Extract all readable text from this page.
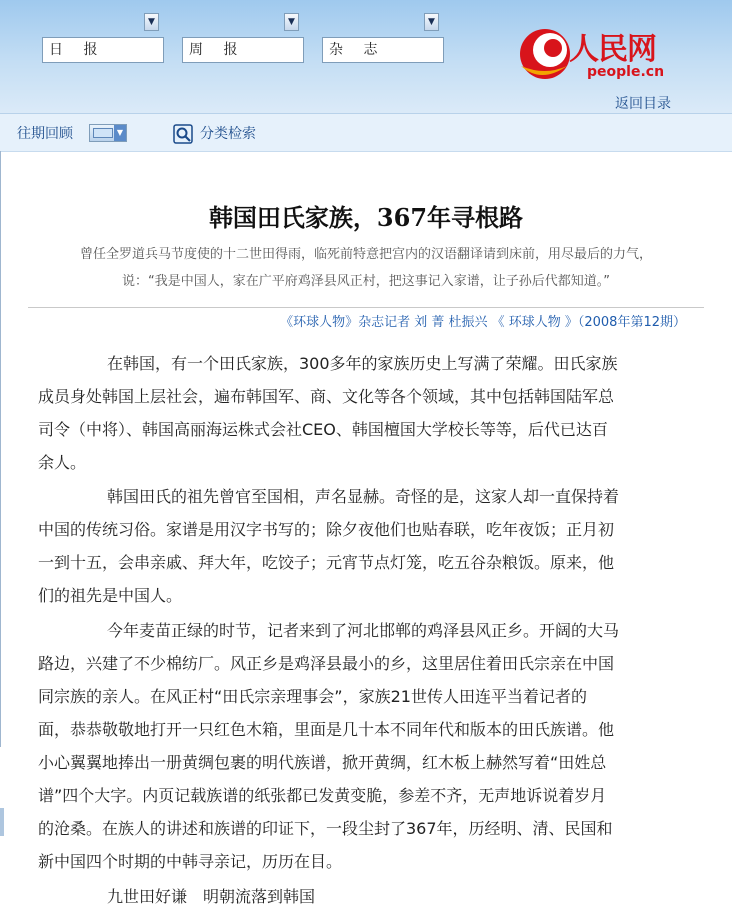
▼
日 报
▼
周 报
▼
杂 志	人民网
people.cn
返回目录
往期回顾	▼	分类检索
韩国田氏家族，367年寻根路
曾任全罗道兵马节度使的十二世田得雨，临死前特意把宫内的汉语翻译请到床前，用尽最后的力气，
说：“我是中国人，家在广平府鸡泽县风正村，把这事记入家谱，让子孙后代都知道。”
《环球人物》杂志记者 刘 菁 杜振兴 《 环球人物 》（2008年第12期）
在韩国，有一个田氏家族，300多年的家族历史上写满了荣耀。田氏家族
成员身处韩国上层社会，遍布韩国军、商、文化等各个领域，其中包括韩国陆军总
司令（中将）、韩国高丽海运株式会社CEO、韩国檀国大学校长等等，后代已达百
余人。
韩国田氏的祖先曾官至国相，声名显赫。奇怪的是，这家人却一直保持着
中国的传统习俗。家谱是用汉字书写的；除夕夜他们也贴春联，吃年夜饭；正月初
一到十五，会串亲戚、拜大年，吃饺子；元宵节点灯笼，吃五谷杂粮饭。原来，他
们的祖先是中国人。
今年麦苗正绿的时节，记者来到了河北邯郸的鸡泽县风正乡。开阔的大马
路边，兴建了不少棉纺厂。风正乡是鸡泽县最小的乡，这里居住着田氏宗亲在中国
同宗族的亲人。在风正村“田氏宗亲理事会”，家族21世传人田连平当着记者的
面，恭恭敬敬地打开一只红色木箱，里面是几十本不同年代和版本的田氏族谱。他
小心翼翼地捧出一册黄绸包裹的明代族谱，掀开黄绸，红木板上赫然写着“田姓总
谱”四个大字。内页记载族谱的纸张都已发黄变脆，参差不齐，无声地诉说着岁月
的沧桑。在族人的讲述和族谱的印证下，一段尘封了367年，历经明、清、民国和
新中国四个时期的中韩寻亲记，历历在目。
九世田好谦　明朝流落到韩国
